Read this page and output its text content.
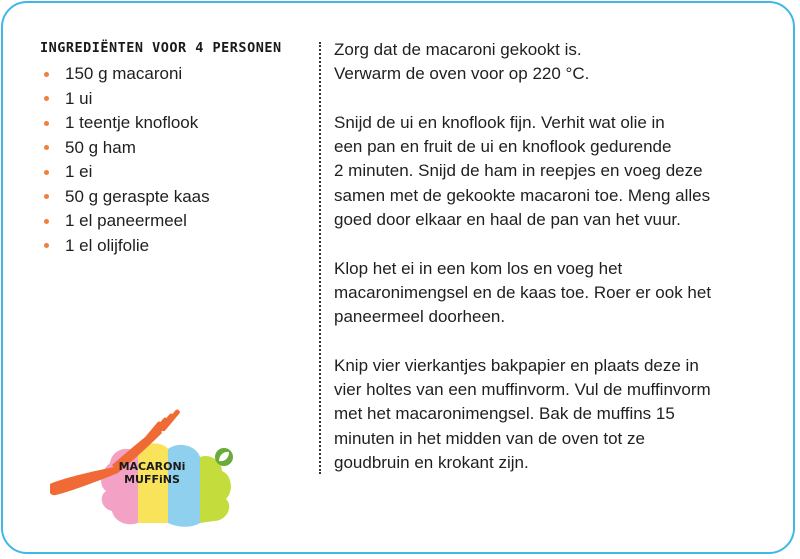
INGREDIËNTEN VOOR 4 PERSONEN
150 g macaroni
1 ui
1 teentje knoflook
50 g ham
1 ei
50 g geraspte kaas
1 el paneermeel
1 el olijfolie

Zorg dat de macaroni gekookt is.
Verwarm de oven voor op 220 °C.

Snijd de ui en knoflook fijn. Verhit wat olie in
een pan en fruit de ui en knoflook gedurende
2 minuten. Snijd de ham in reepjes en voeg deze
samen met de gekookte macaroni toe. Meng alles
goed door elkaar en haal de pan van het vuur.

Klop het ei in een kom los en voeg het
macaronimengsel en de kaas toe. Roer er ook het
paneermeel doorheen.

Knip vier vierkantjes bakpapier en plaats deze in
vier holtes van een muffinvorm. Vul de muffinvorm
met het macaronimengsel. Bak de muffins 15
minuten in het midden van de oven tot ze
goudbruin en krokant zijn.

MACARONi
MUFFiNS
